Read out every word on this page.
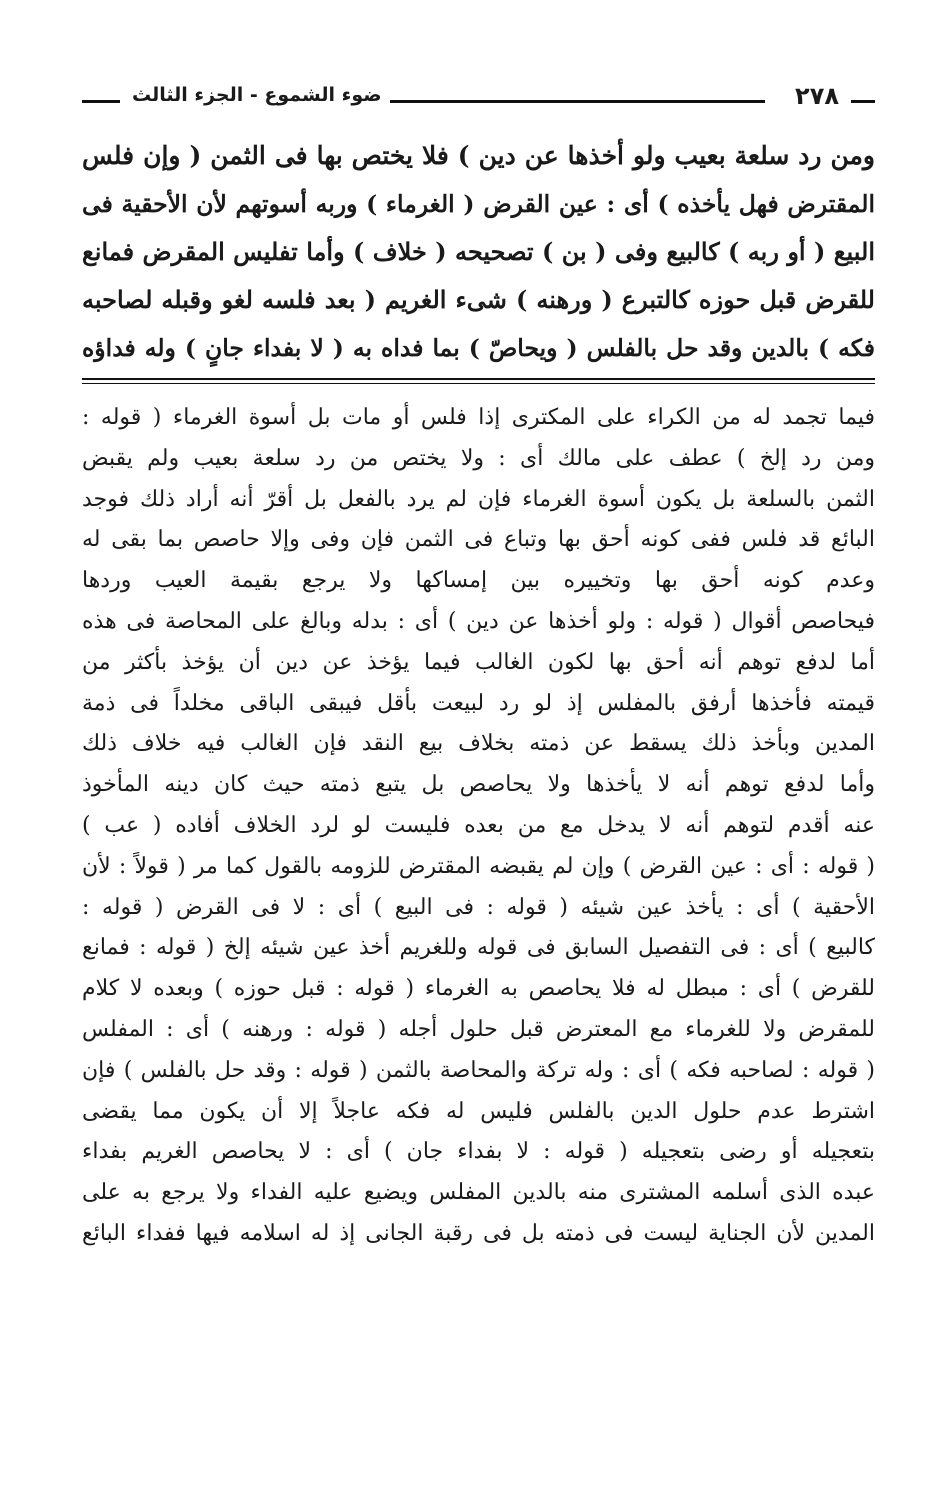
٢٧٨
ضوء الشموع - الجزء الثالث
ومن رد سلعة بعيب ولو أخذها عن دين ) فلا يختص بها فى الثمن ( وإن فلس
المقترض فهل يأخذه ) أى : عين القرض ( الغرماء ) وربه أسوتهم لأن الأحقية فى
البيع ( أو ربه ) كالبيع وفى ( بن ) تصحيحه ( خلاف ) وأما تفليس المقرض فمانع
للقرض قبل حوزه كالتبرع ( ورهنه ) شىء الغريم ( بعد فلسه لغو وقبله لصاحبه
فكه ) بالدين وقد حل بالفلس ( ويحاصّ ) بما فداه به ( لا بفداء جانٍ ) وله فداؤه
فيما تجمد له من الكراء على المكترى إذا فلس أو مات بل أسوة الغرماء ( قوله :
ومن رد إلخ ) عطف على مالك أى : ولا يختص من رد سلعة بعيب ولم يقبض
الثمن بالسلعة بل يكون أسوة الغرماء فإن لم يرد بالفعل بل أقرّ أنه أراد ذلك فوجد
البائع قد فلس ففى كونه أحق بها وتباع فى الثمن فإن وفى وإلا حاصص بما بقى له
وعدم كونه أحق بها وتخييره بين إمساكها ولا يرجع بقيمة العيب وردها
فيحاصص أقوال ( قوله : ولو أخذها عن دين ) أى : بدله وبالغ على المحاصة فى هذه
أما لدفع توهم أنه أحق بها لكون الغالب فيما يؤخذ عن دين أن يؤخذ بأكثر من
قيمته فأخذها أرفق بالمفلس إذ لو رد لبيعت بأقل فيبقى الباقى مخلداً فى ذمة
المدين وبأخذ ذلك يسقط عن ذمته بخلاف بيع النقد فإن الغالب فيه خلاف ذلك
وأما لدفع توهم أنه لا يأخذها ولا يحاصص بل يتبع ذمته حيث كان دينه المأخوذ
عنه أقدم لتوهم أنه لا يدخل مع من بعده فليست لو لرد الخلاف أفاده ( عب )
( قوله : أى : عين القرض ) وإن لم يقبضه المقترض للزومه بالقول كما مر ( قولاً : لأن
الأحقية ) أى : يأخذ عين شيئه ( قوله : فى البيع ) أى : لا فى القرض ( قوله :
كالبيع ) أى : فى التفصيل السابق فى قوله وللغريم أخذ عين شيئه إلخ ( قوله : فمانع
للقرض ) أى : مبطل له فلا يحاصص به الغرماء ( قوله : قبل حوزه ) وبعده لا كلام
للمقرض ولا للغرماء مع المعترض قبل حلول أجله ( قوله : ورهنه ) أى : المفلس
( قوله : لصاحبه فكه ) أى : وله تركة والمحاصة بالثمن ( قوله : وقد حل بالفلس ) فإن
اشترط عدم حلول الدين بالفلس فليس له فكه عاجلاً إلا أن يكون مما يقضى
بتعجيله أو رضى بتعجيله ( قوله : لا بفداء جان ) أى : لا يحاصص الغريم بفداء
عبده الذى أسلمه المشترى منه بالدين المفلس ويضيع عليه الفداء ولا يرجع به على
المدين لأن الجناية ليست فى ذمته بل فى رقبة الجانى إذ له اسلامه فيها ففداء البائع
